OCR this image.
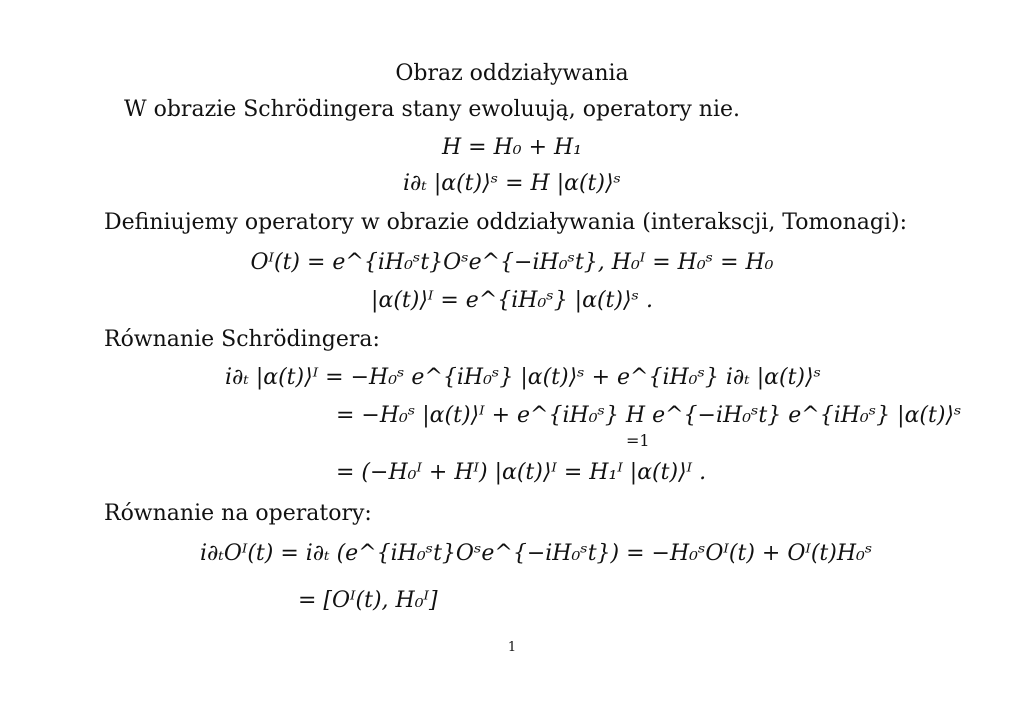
Obraz oddziaływania
W obrazie Schrödingera stany ewoluują, operatory nie.
H = H₀ + H₁
i∂ₜ |α(t)⟩ˢ = H |α(t)⟩ˢ
Definiujemy operatory w obrazie oddziaływania (interakscji, Tomonagi):
Oᴵ(t) = e^{iH₀ˢt}Oˢe^{−iH₀ˢt}, H₀ᴵ = H₀ˢ = H₀
|α(t)⟩ᴵ = e^{iH₀ˢ} |α(t)⟩ˢ .
Równanie Schrödingera:
i∂ₜ |α(t)⟩ᴵ = −H₀ˢ e^{iH₀ˢ} |α(t)⟩ˢ + e^{iH₀ˢ} i∂ₜ |α(t)⟩ˢ
= −H₀ˢ |α(t)⟩ᴵ + e^{iH₀ˢ} H e^{−iH₀ˢt} e^{iH₀ˢ} |α(t)⟩ˢ
=1
= (−H₀ᴵ + Hᴵ) |α(t)⟩ᴵ = H₁ᴵ |α(t)⟩ᴵ .
Równanie na operatory:
i∂ₜOᴵ(t) = i∂ₜ (e^{iH₀ˢt}Oˢe^{−iH₀ˢt}) = −H₀ˢOᴵ(t) + Oᴵ(t)H₀ˢ
= [Oᴵ(t), H₀ᴵ]
1
